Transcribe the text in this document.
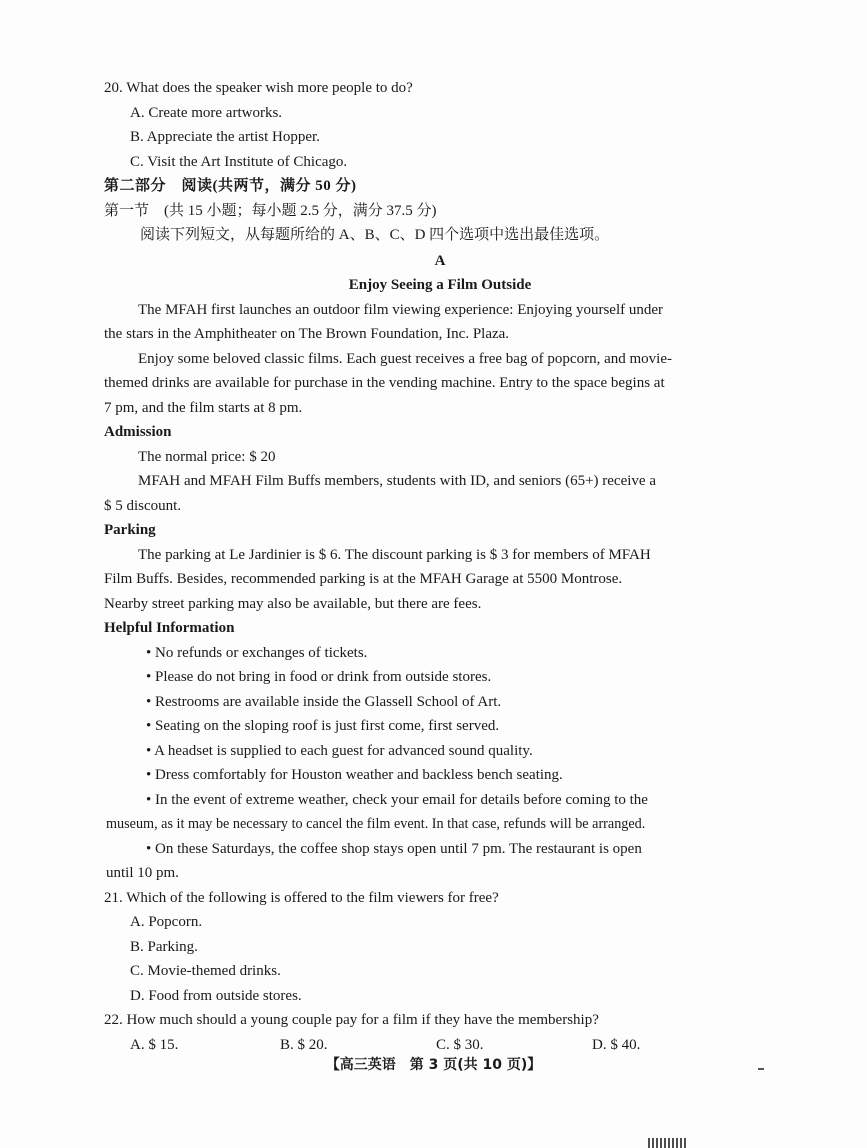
20. What does the speaker wish more people to do?
A. Create more artworks.
B. Appreciate the artist Hopper.
C. Visit the Art Institute of Chicago.
第二部分　阅读(共两节，满分 50 分)
第一节　(共 15 小题；每小题 2.5 分，满分 37.5 分)
阅读下列短文，从每题所给的 A、B、C、D 四个选项中选出最佳选项。
A
Enjoy Seeing a Film Outside
The MFAH first launches an outdoor film viewing experience: Enjoying yourself under
the stars in the Amphitheater on The Brown Foundation, Inc. Plaza.
Enjoy some beloved classic films. Each guest receives a free bag of popcorn, and movie-
themed drinks are available for purchase in the vending machine. Entry to the space begins at
7 pm, and the film starts at 8 pm.
Admission
The normal price: $ 20
MFAH and MFAH Film Buffs members, students with ID, and seniors (65+) receive a
$ 5 discount.
Parking
The parking at Le Jardinier is $ 6. The discount parking is $ 3 for members of MFAH
Film Buffs. Besides, recommended parking is at the MFAH Garage at 5500 Montrose.
Nearby street parking may also be available, but there are fees.
Helpful Information
• No refunds or exchanges of tickets.
• Please do not bring in food or drink from outside stores.
• Restrooms are available inside the Glassell School of Art.
• Seating on the sloping roof is just first come, first served.
• A headset is supplied to each guest for advanced sound quality.
• Dress comfortably for Houston weather and backless bench seating.
• In the event of extreme weather, check your email for details before coming to the
museum, as it may be necessary to cancel the film event. In that case, refunds will be arranged.
• On these Saturdays, the coffee shop stays open until 7 pm. The restaurant is open
until 10 pm.
21. Which of the following is offered to the film viewers for free?
A. Popcorn.
B. Parking.
C. Movie-themed drinks.
D. Food from outside stores.
22. How much should a young couple pay for a film if they have the membership?
A. $ 15.	B. $ 20.	C. $ 30.	D. $ 40.
【高三英语　第 3 页(共 10 页)】
